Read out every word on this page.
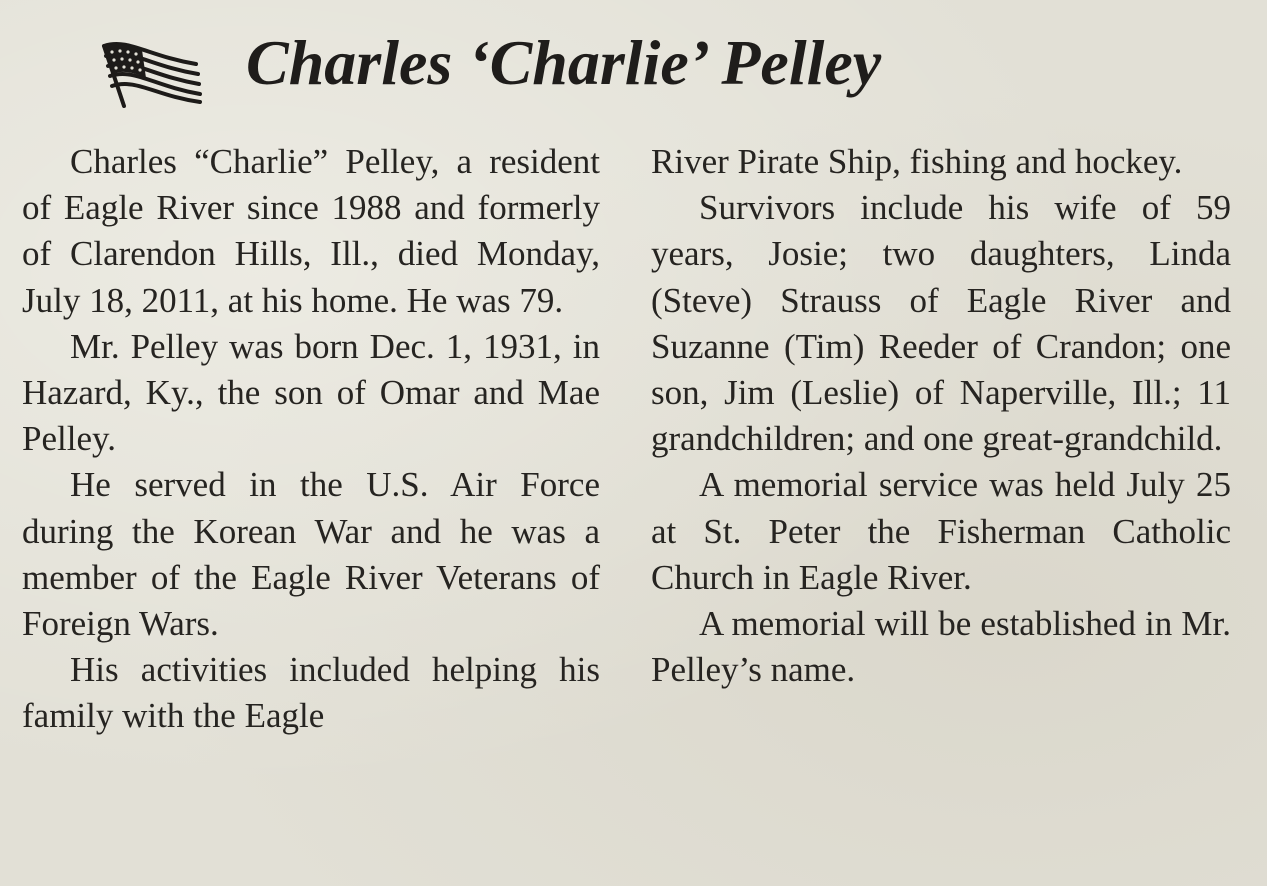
Charles ‘Charlie’ Pelley

Charles “Charlie” Pelley, a resident of Eagle River since 1988 and formerly of Clarendon Hills, Ill., died Monday, July 18, 2011, at his home. He was 79.

Mr. Pelley was born Dec. 1, 1931, in Hazard, Ky., the son of Omar and Mae Pelley.

He served in the U.S. Air Force during the Korean War and he was a member of the Eagle River Veterans of Foreign Wars.

His activities included helping his family with the Eagle

River Pirate Ship, fishing and hockey.

Survivors include his wife of 59 years, Josie; two daughters, Linda (Steve) Strauss of Eagle River and Suzanne (Tim) Reeder of Crandon; one son, Jim (Leslie) of Naperville, Ill.; 11 grandchildren; and one great-grandchild.

A memorial service was held July 25 at St. Peter the Fisherman Catholic Church in Eagle River.

A memorial will be established in Mr. Pelley’s name.
